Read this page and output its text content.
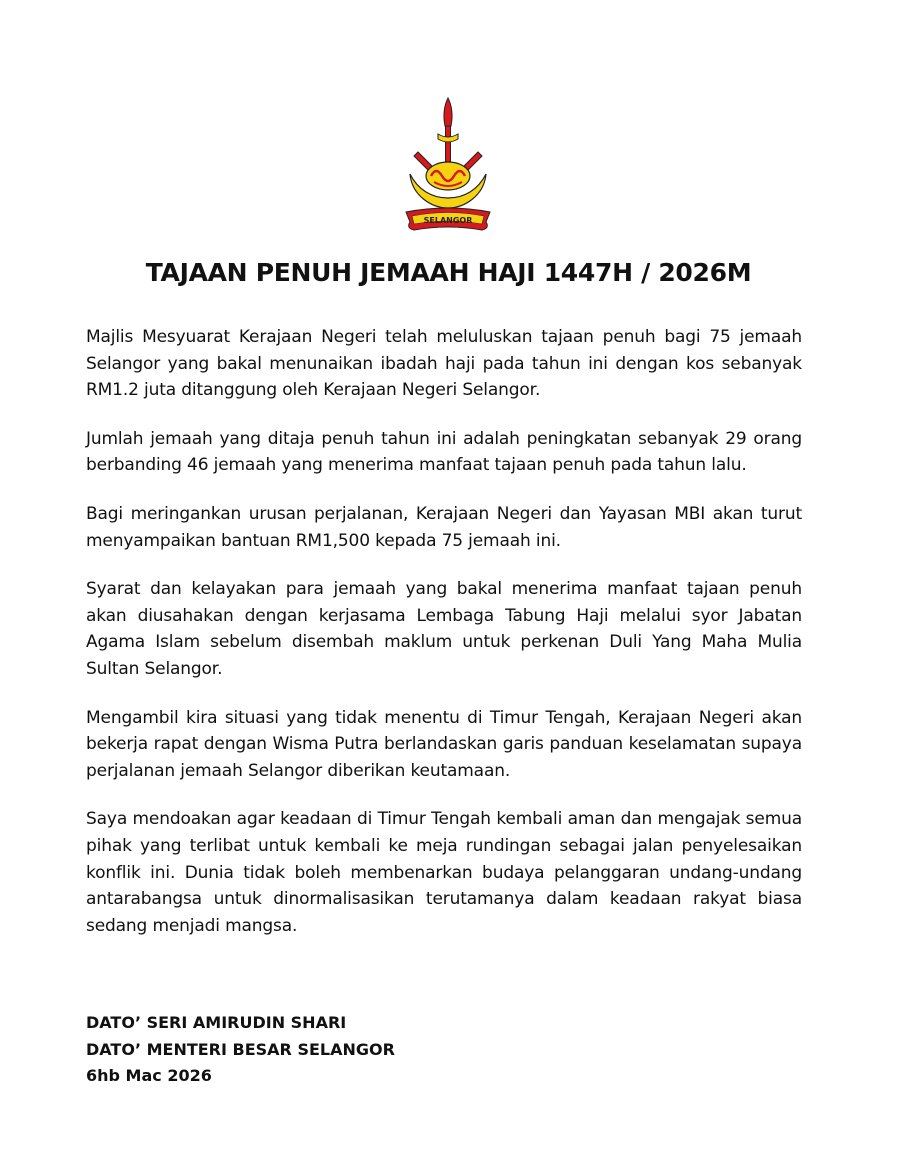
SELANGOR
TAJAAN PENUH JEMAAH HAJI 1447H / 2026M

Majlis Mesyuarat Kerajaan Negeri telah meluluskan tajaan penuh bagi 75 jemaah Selangor yang bakal menunaikan ibadah haji pada tahun ini dengan kos sebanyak RM1.2 juta ditanggung oleh Kerajaan Negeri Selangor.

Jumlah jemaah yang ditaja penuh tahun ini adalah peningkatan sebanyak 29 orang berbanding 46 jemaah yang menerima manfaat tajaan penuh pada tahun lalu.

Bagi meringankan urusan perjalanan, Kerajaan Negeri dan Yayasan MBI akan turut menyampaikan bantuan RM1,500 kepada 75 jemaah ini.

Syarat dan kelayakan para jemaah yang bakal menerima manfaat tajaan penuh akan diusahakan dengan kerjasama Lembaga Tabung Haji melalui syor Jabatan Agama Islam sebelum disembah maklum untuk perkenan Duli Yang Maha Mulia Sultan Selangor.

Mengambil kira situasi yang tidak menentu di Timur Tengah, Kerajaan Negeri akan bekerja rapat dengan Wisma Putra berlandaskan garis panduan keselamatan supaya perjalanan jemaah Selangor diberikan keutamaan.

Saya mendoakan agar keadaan di Timur Tengah kembali aman dan mengajak semua pihak yang terlibat untuk kembali ke meja rundingan sebagai jalan penyelesaikan konflik ini. Dunia tidak boleh membenarkan budaya pelanggaran undang-undang antarabangsa untuk dinormalisasikan terutamanya dalam keadaan rakyat biasa sedang menjadi mangsa.

DATO’ SERI AMIRUDIN SHARI
DATO’ MENTERI BESAR SELANGOR
6hb Mac 2026
